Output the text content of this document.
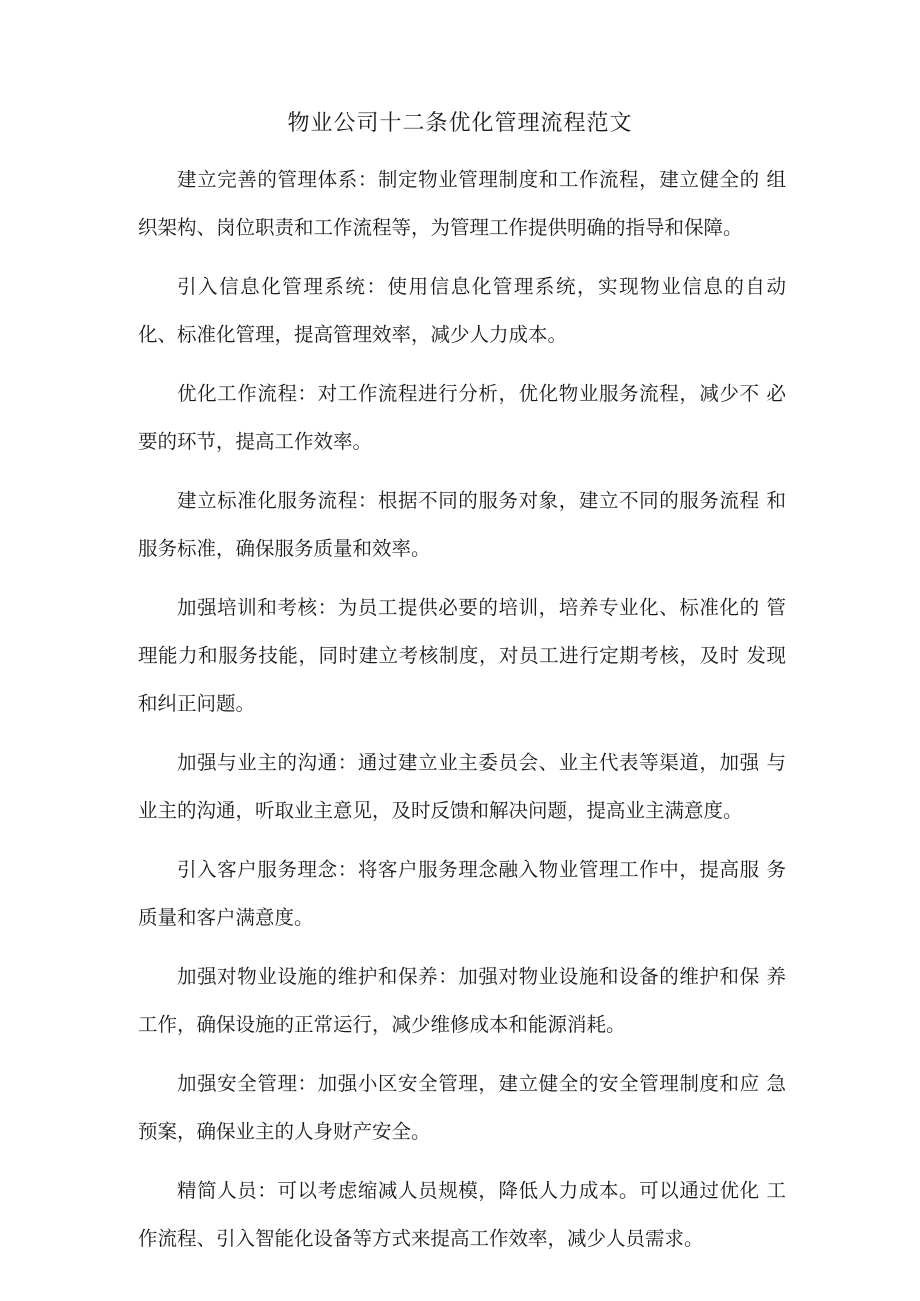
物业公司十二条优化管理流程范文

建立完善的管理体系：制定物业管理制度和工作流程，建立健全的 组织架构、岗位职责和工作流程等，为管理工作提供明确的指导和保障。

引入信息化管理系统：使用信息化管理系统，实现物业信息的自动 化、标准化管理，提高管理效率，减少人力成本。

优化工作流程：对工作流程进行分析，优化物业服务流程，减少不 必要的环节，提高工作效率。

建立标准化服务流程：根据不同的服务对象，建立不同的服务流程 和服务标准，确保服务质量和效率。

加强培训和考核：为员工提供必要的培训，培养专业化、标准化的 管理能力和服务技能，同时建立考核制度，对员工进行定期考核，及时 发现和纠正问题。

加强与业主的沟通：通过建立业主委员会、业主代表等渠道，加强 与业主的沟通，听取业主意见，及时反馈和解决问题，提高业主满意度。

引入客户服务理念：将客户服务理念融入物业管理工作中，提高服 务质量和客户满意度。

加强对物业设施的维护和保养：加强对物业设施和设备的维护和保 养工作，确保设施的正常运行，减少维修成本和能源消耗。

加强安全管理：加强小区安全管理，建立健全的安全管理制度和应 急预案，确保业主的人身财产安全。

精简人员：可以考虑缩减人员规模，降低人力成本。可以通过优化 工作流程、引入智能化设备等方式来提高工作效率，减少人员需求。
